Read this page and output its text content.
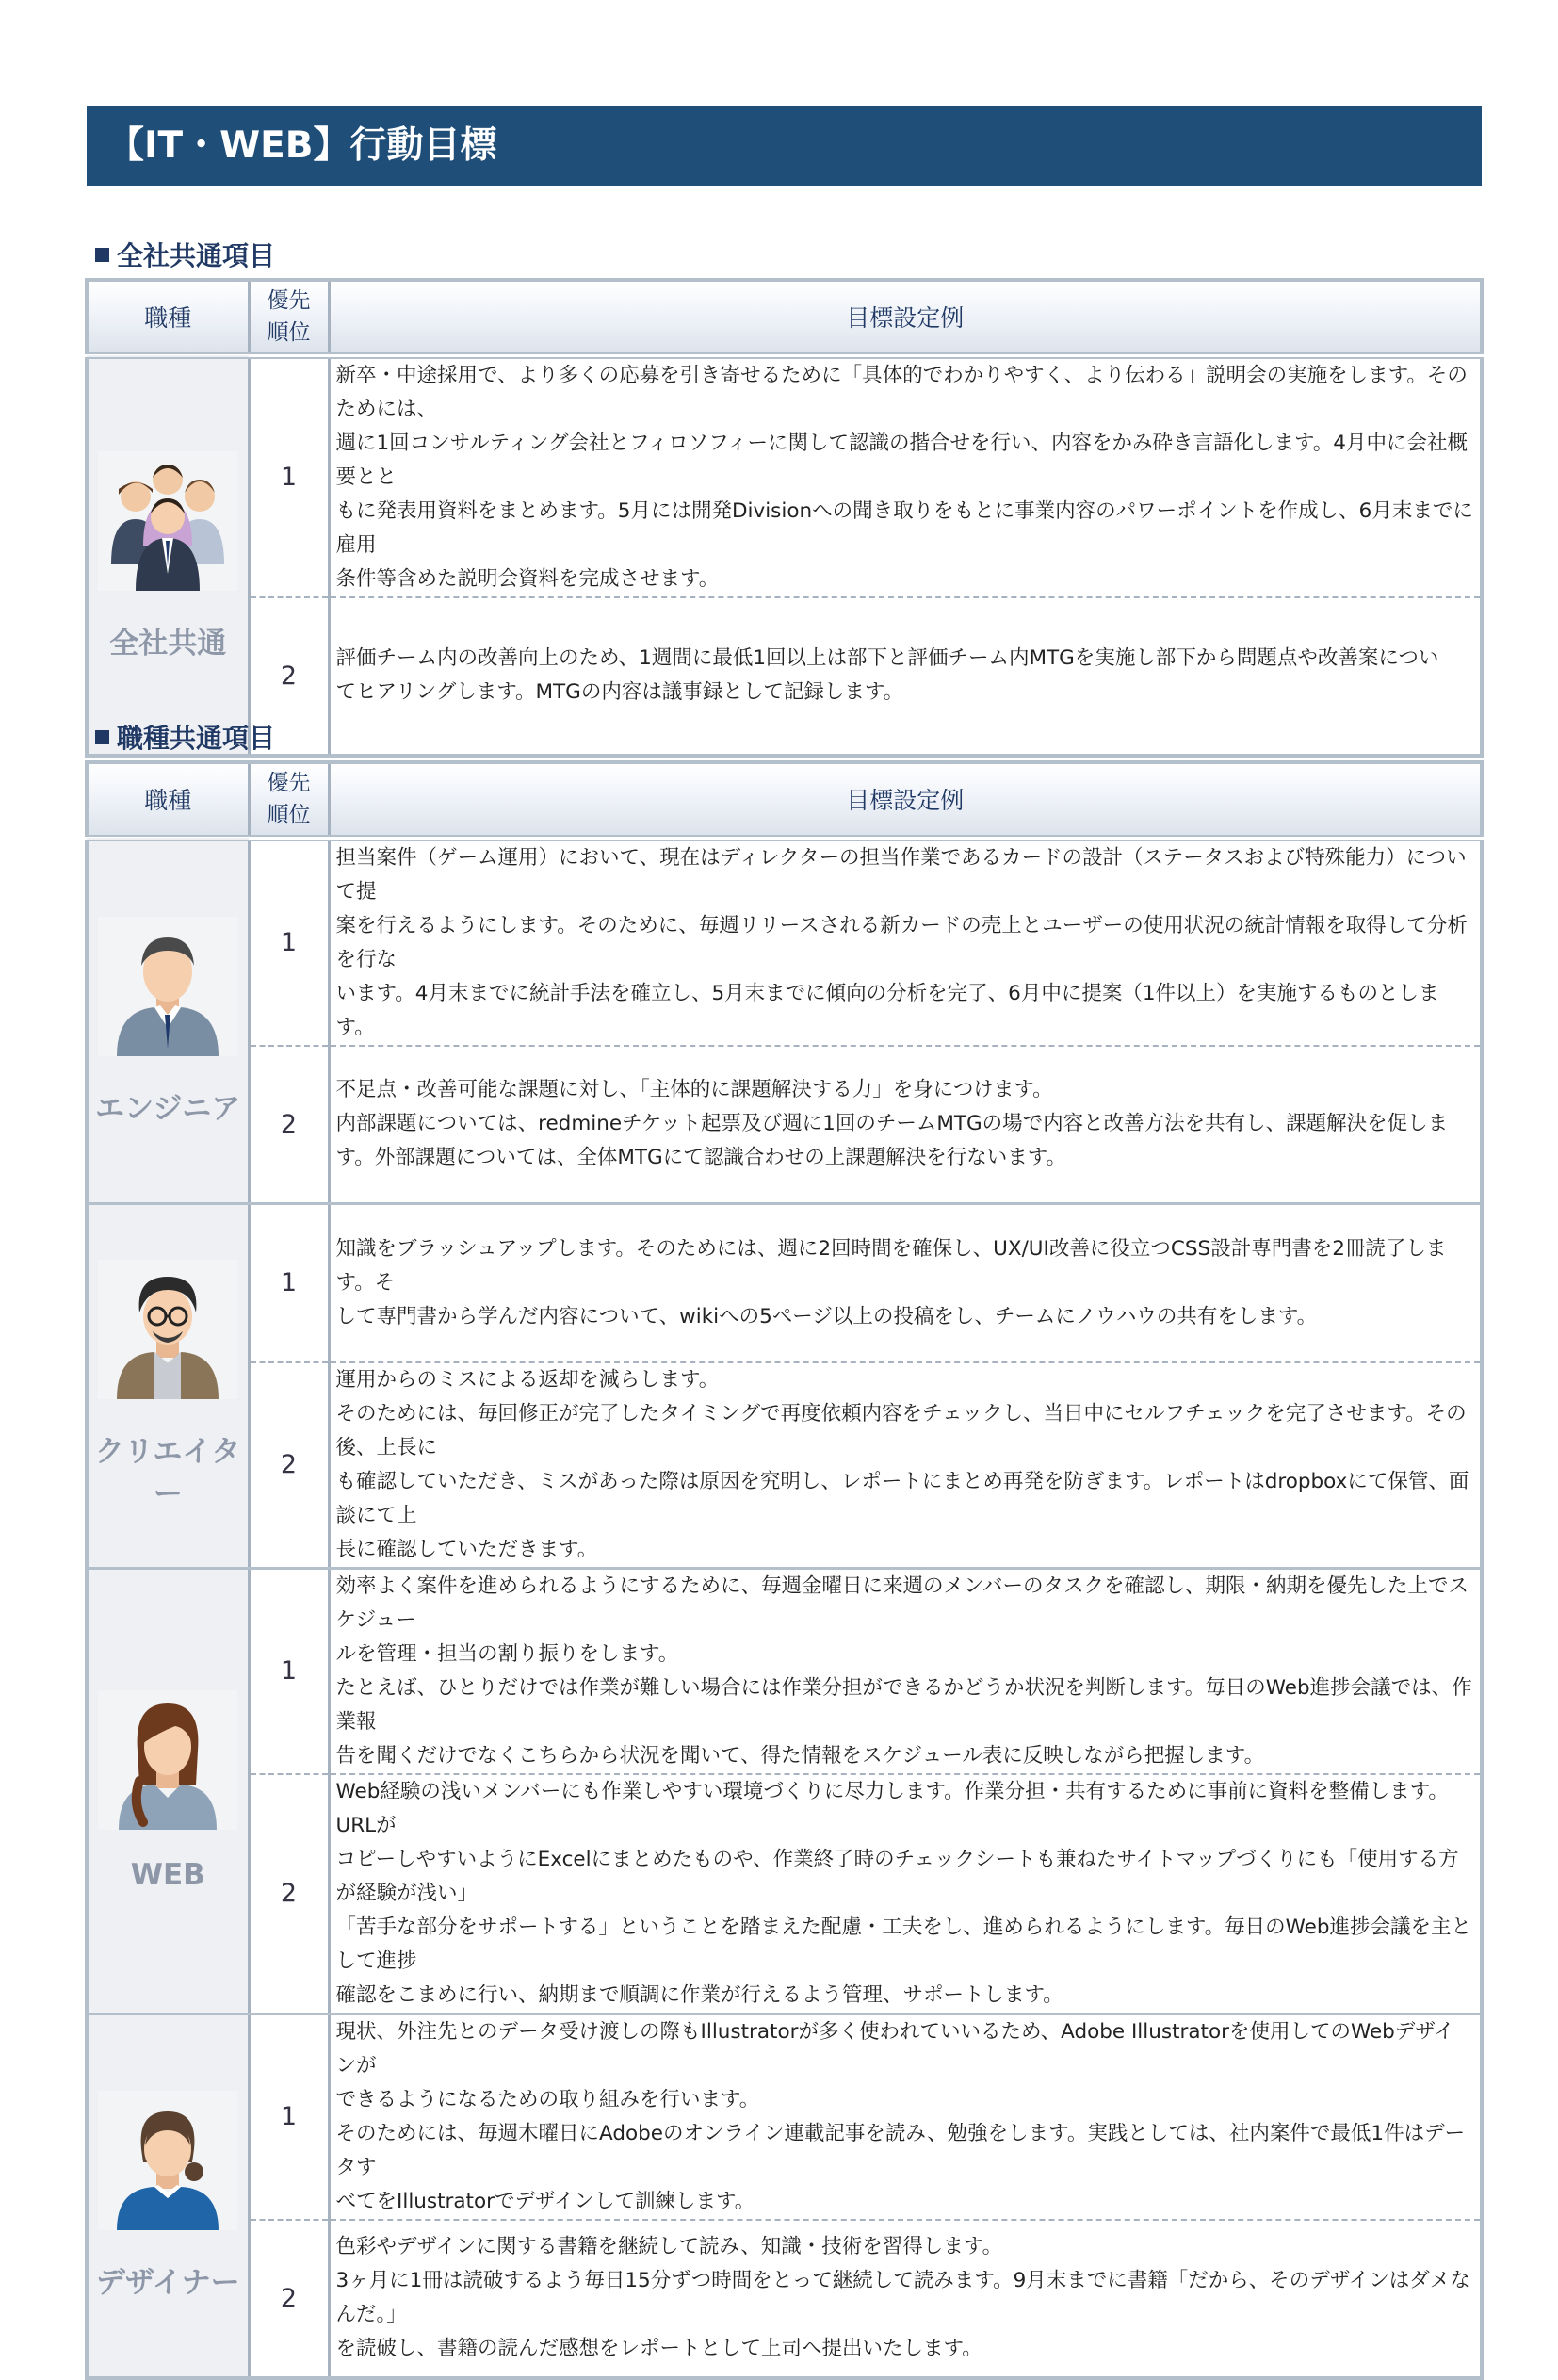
【IT・WEB】行動目標
全社共通項目
職種	優先
順位	目標設定例

全社共通	1	新卒・中途採用で、より多くの応募を引き寄せるために「具体的でわかりやすく、より伝わる」説明会の実施をします。そのためには、
週に1回コンサルティング会社とフィロソフィーに関して認識の揩合せを行い、内容をかみ砕き言語化します。4月中に会社概要とと
もに発表用資料をまとめます。5月には開発Divisionへの聞き取りをもとに事業内容のパワーポイントを作成し、6月末までに雇用
条件等含めた説明会資料を完成させます。
	2	評価チーム内の改善向上のため、1週間に最低1回以上は部下と評価チーム内MTGを実施し部下から問題点や改善案につい
てヒアリングします。MTGの内容は議事録として記録します。
職種共通項目
職種	優先
順位	目標設定例

エンジニア	1	担当案件（ゲーム運用）において、現在はディレクターの担当作業であるカードの設計（ステータスおよび特殊能力）について提
案を行えるようにします。そのために、毎週リリースされる新カードの売上とユーザーの使用状況の統計情報を取得して分析を行な
います。4月末までに統計手法を確立し、5月末までに傾向の分析を完了、6月中に提案（1件以上）を実施するものとします。
	2	不足点・改善可能な課題に対し、「主体的に課題解決する力」を身につけます。
内部課題については、redmineチケット起票及び週に1回のチームMTGの場で内容と改善方法を共有し、課題解決を促しま
す。外部課題については、全体MTGにて認識合わせの上課題解決を行ないます。

クリエイター	1	知識をブラッシュアップします。そのためには、週に2回時間を確保し、UX/UI改善に役立つCSS設計専門書を2冊読了します。そ
して専門書から学んだ内容について、wikiへの5ページ以上の投稿をし、チームにノウハウの共有をします。
	2	運用からのミスによる返却を減らします。
そのためには、毎回修正が完了したタイミングで再度依頼内容をチェックし、当日中にセルフチェックを完了させます。その後、上長に
も確認していただき、ミスがあった際は原因を究明し、レポートにまとめ再発を防ぎます。レポートはdropboxにて保管、面談にて上
長に確認していただきます。

WEB	1	効率よく案件を進められるようにするために、毎週金曜日に来週のメンバーのタスクを確認し、期限・納期を優先した上でスケジュー
ルを管理・担当の割り振りをします。
たとえば、ひとりだけでは作業が難しい場合には作業分担ができるかどうか状況を判断します。毎日のWeb進捗会議では、作業報
告を聞くだけでなくこちらから状況を聞いて、得た情報をスケジュール表に反映しながら把握します。
	2	Web経験の浅いメンバーにも作業しやすい環境づくりに尽力します。作業分担・共有するために事前に資料を整備します。URLが
コピーしやすいようにExcelにまとめたものや、作業終了時のチェックシートも兼ねたサイトマップづくりにも「使用する方が経験が浅い」
「苦手な部分をサポートする」ということを踏まえた配慮・工夫をし、進められるようにします。毎日のWeb進捗会議を主として進捗
確認をこまめに行い、納期まで順調に作業が行えるよう管理、サポートします。

デザイナー	1	現状、外注先とのデータ受け渡しの際もIllustratorが多く使われていいるため、Adobe Illustratorを使用してのWebデザインが
できるようになるための取り組みを行います。
そのためには、毎週木曜日にAdobeのオンライン連載記事を読み、勉強をします。実践としては、社内案件で最低1件はデータす
べてをIllustratorでデザインして訓練します。
	2	色彩やデザインに関する書籍を継続して読み、知識・技術を習得します。
3ヶ月に1冊は読破するよう毎日15分ずつ時間をとって継続して読みます。9月末までに書籍「だから、そのデザインはダメなんだ。」
を読破し、書籍の読んだ感想をレポートとして上司へ提出いたします。
